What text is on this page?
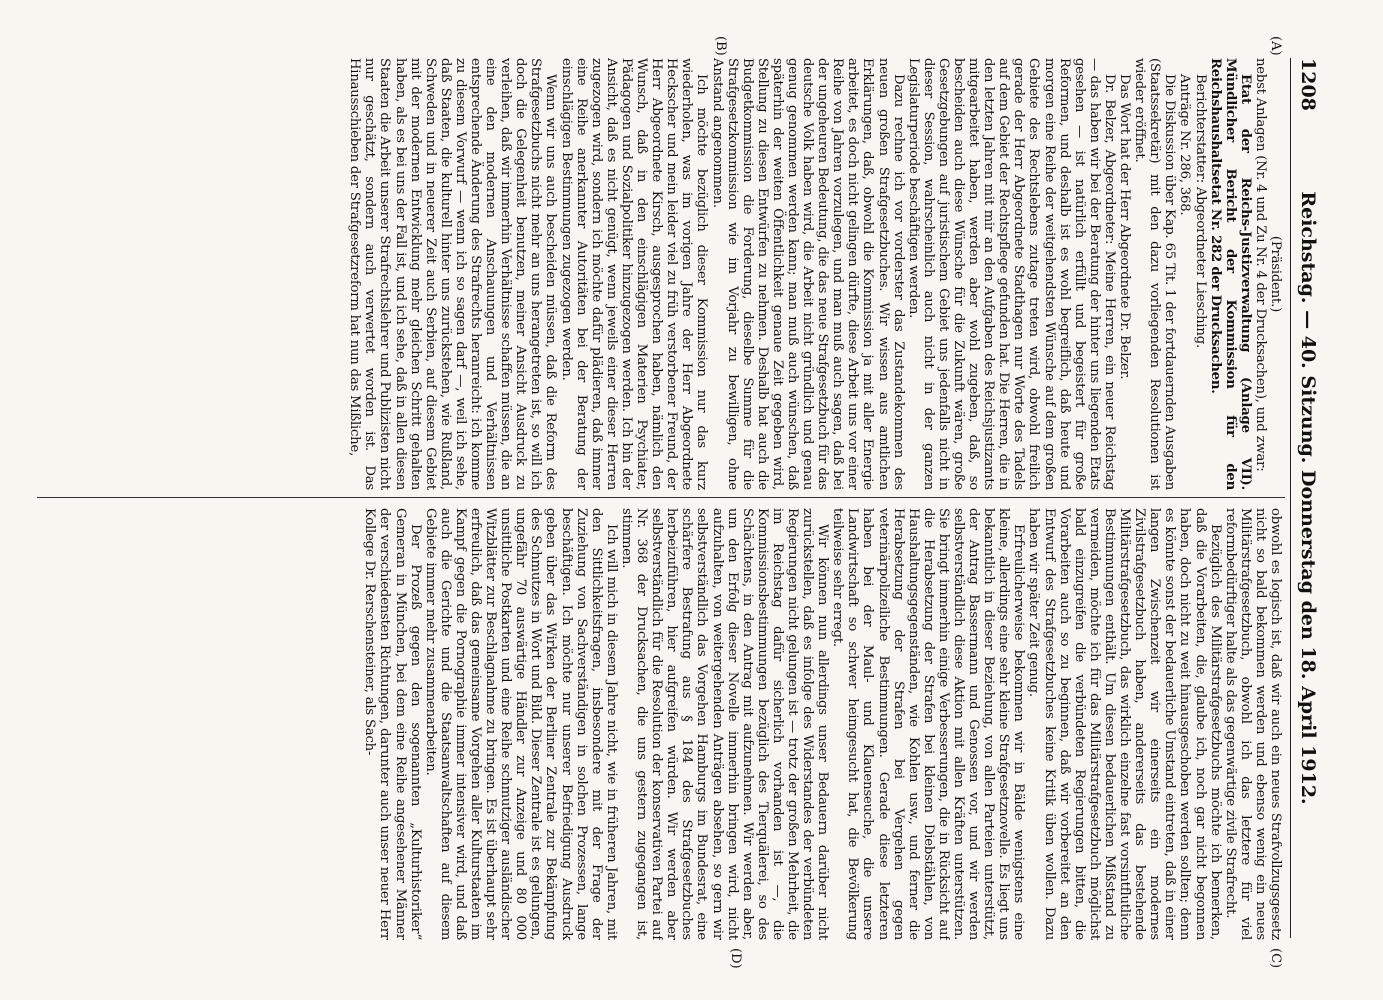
1208
Reichstag. — 40. Sitzung. Donnerstag den 18. April 1912.
(A)
(B)
(C)
(D)

(Präsident.)

nebst Anlagen (Nr. 4 und Zu Nr. 4 der Drucksachen), und zwar:

Etat der Reichs-Justizverwaltung (Anlage VII). Mündlicher Bericht der Kommission für den Reichshaushaltsetat Nr. 282 der Drucksachen.

Berichterstatter: Abgeordneter Liesching.

Anträge Nr. 286, 368.

Die Diskussion über Kap. 65 Tit. 1 der fortdauernden Ausgaben (Staatssekretär) mit den dazu vorliegenden Resolutionen ist wieder eröffnet.

Das Wort hat der Herr Abgeordnete Dr. Belzer.

Dr. Belzer, Abgeordneter: Meine Herren, ein neuer Reichstag — das haben wir bei der Beratung der hinter uns liegenden Etats gesehen — ist natürlich erfüllt und begeistert für große Reformen, und deshalb ist es wohl begreiflich, daß heute und morgen eine Reihe der weitgehendsten Wünsche auf dem großen Gebiete des Rechtslebens zutage treten wird, obwohl freilich gerade der Herr Abgeordnete Stadthagen nur Worte des Tadels auf dem Gebiet der Rechtspflege gefunden hat. Die Herren, die in den letzten Jahren mit mir an den Aufgaben des Reichsjustizamts mitgearbeitet haben, werden aber wohl zugeben, daß, so bescheiden auch diese Wünsche für die Zukunft wären, große Gesetzgebungen auf juristischem Gebiet uns jedenfalls nicht in dieser Session, wahrscheinlich auch nicht in der ganzen Legislaturperiode beschäftigen werden.

Dazu rechne ich vor vorderster das Zustandekommen des neuen großen Strafgesetzbuches. Wir wissen aus amtlichen Erklärungen, daß, obwohl die Kommission ja mit aller Energie arbeitet, es doch nicht gelingen dürfte, diese Arbeit uns vor einer Reihe von Jahren vorzulegen, und man muß auch sagen, daß bei der ungeheuren Bedeutung, die das neue Strafgesetzbuch für das deutsche Volk haben wird, die Arbeit nicht gründlich und genau genug genommen werden kann; man muß auch wünschen, daß späterhin der weiten Öffentlichkeit genaue Zeit gegeben wird, Stellung zu diesen Entwürfen zu nehmen. Deshalb hat auch die Budgetkommission die Forderung, dieselbe Summe für die Strafgesetzkommission wie im Vorjahr zu bewilligen, ohne Anstand angenommen.

Ich möchte bezüglich dieser Kommission nur das kurz wiederholen, was im vorigen Jahre der Herr Abgeordnete Heckscher und mein leider viel zu früh verstorbener Freund, der Herr Abgeordnete Kirsch, ausgesprochen haben, nämlich den Wunsch, daß in den einschlägigen Materien Psychiater, Pädagogen und Sozialpolitiker hinzugezogen werden. Ich bin der Ansicht, daß es nicht genügt, wenn jeweils einer dieser Herren zugezogen wird, sondern ich möchte dafür plädieren, daß immer eine Reihe anerkannter Autoritäten bei der Beratung der einschlägigen Bestimmungen zugezogen werden.

Wenn wir uns auch bescheiden müssen, daß die Reform des Strafgesetzbuchs nicht mehr an uns herangetreten ist, so will ich doch die Gelegenheit benutzen, meiner Ansicht Ausdruck zu verleihen, daß wir immerhin Verhältnisse schaffen müssen, die an eine den modernen Anschauungen und Verhältnissen entsprechende Änderung des Strafrechts heranreicht: ich komme zu diesem Vorwurf — wenn ich so sagen darf —, weil ich sehe, daß Staaten, die kulturell hinter uns zurückstehen, wie Rußland, Schweden und in neuerer Zeit auch Serbien, auf diesem Gebiet mit der modernen Entwicklung mehr gleichen Schritt gehalten haben, als es bei uns der Fall ist, und ich sehe, daß in allen diesen Staaten die Arbeit unserer Strafrechtslehrer und Publizisten nicht nur geschätzt, sondern auch verwertet worden ist. Das Hinausschieben der Strafgesetzreform hat nun das Mißliche,

obwohl es logisch ist, daß wir auch ein neues Strafvollzugsgesetz nicht so bald bekommen werden und ebenso wenig ein neues Militärstrafgesetzbuch, obwohl ich das letztere für viel reformbedürftiger halte als das gegenwärtige zivile Strafrecht.

Bezüglich des Militärstrafgesetzbuchs möchte ich bemerken, daß die Vorarbeiten, die, glaube ich, noch gar nicht begonnen haben, doch nicht zu weit hinausgeschoben werden sollten; denn es könnte sonst der bedauerliche Umstand eintreten, daß in einer langen Zwischenzeit wir einerseits ein modernes Zivilstrafgesetzbuch haben, andererseits das bestehende Militärstrafgesetzbuch, das wirklich einzelne fast vorsintflutliche Bestimmungen enthält. Um diesen bedauerlichen Mißstand zu vermeiden, möchte ich für das Militärstrafgesetzbuch möglichst bald einzugreifen die verbündeten Regierungen bitten, die Vorarbeiten auch so zu beginnen, daß wir vorbereitet an den Entwurf des Strafgesetzbuches keine Kritik üben wollen. Dazu haben wir später Zeit genug.

Erfreulicherweise bekommen wir in Bälde wenigstens eine kleine, allerdings eine sehr kleine Strafgesetznovelle. Es liegt uns bekanntlich in dieser Beziehung, von allen Parteien unterstützt, der Antrag Bassermann und Genossen vor, und wir werden selbstverständlich diese Aktion mit allen Kräften unterstützen. Sie bringt immerhin einige Verbesserungen, die in Rücksicht auf die Herabsetzung der Strafen bei kleinen Diebstählen, von Haushaltungsgegenständen, wie Kohlen usw., und ferner die Herabsetzung der Strafen bei Vergehen gegen veterinärpolizeiliche Bestimmungen. Gerade diese letzteren haben bei der Maul- und Klauenseuche, die unsere Landwirtschaft so schwer heimgesucht hat, die Bevölkerung teilweise sehr erregt.

Wir können nun allerdings unser Bedauern darüber nicht zurückstellen, daß es infolge des Widerstandes der verbündeten Regierungen nicht gelungen ist — trotz der großen Mehrheit, die im Reichstag dafür sicherlich vorhanden ist —, die Kommissionsbestimmungen bezüglich des Tierquälerei, so des Schächtens, in den Antrag mit aufzunehmen. Wir werden aber, um den Erfolg dieser Novelle immerhin bringen wird, nicht aufzuhalten, von weitergehenden Anträgen absehen, so gern wir selbstverständlich das Vorgehen Hamburgs im Bundesrat, eine schärfere Bestrafung aus § 184 des Strafgesetzbuches herbeizuführen, hier aufgreifen würden. Wir werden aber selbstverständlich für die Resolution der konservativen Partei auf Nr. 368 der Drucksachen, die uns gestern zugegangen ist, stimmen.

Ich will mich in diesem Jahre nicht, wie in früheren Jahren, mit den Sittlichkeitsfragen, insbesondere mit der Frage der Zuziehung von Sachverständigen in solchen Prozessen, lange beschäftigen. Ich möchte nur unserer Befriedigung Ausdruck geben über das Wirken der Berliner Zentrale zur Bekämpfung des Schmutzes in Wort und Bild. Dieser Zentrale ist es gelungen, ungefähr 70 auswärtige Händler zur Anzeige und 80 000 unsittliche Postkarten und eine Reihe schmutziger ausländischer Witzblätter zur Beschlagnahme zu bringen. Es ist überhaupt sehr erfreulich, daß das gemeinsame Vorgehen aller Kulturstaaten im Kampf gegen die Pornographie immer intensiver wird, und daß auch die Gerichte und die Staatsanwaltschaften auf diesem Gebiete immer mehr zusammenarbeiten.

Der Prozeß gegen den sogenannten „Kulturhistoriker“ Gemeran in München, bei dem eine Reihe angesehener Männer der verschiedensten Richtungen, darunter auch unser neuer Herr Kollege Dr. Rerschensteiner, als Sach-
